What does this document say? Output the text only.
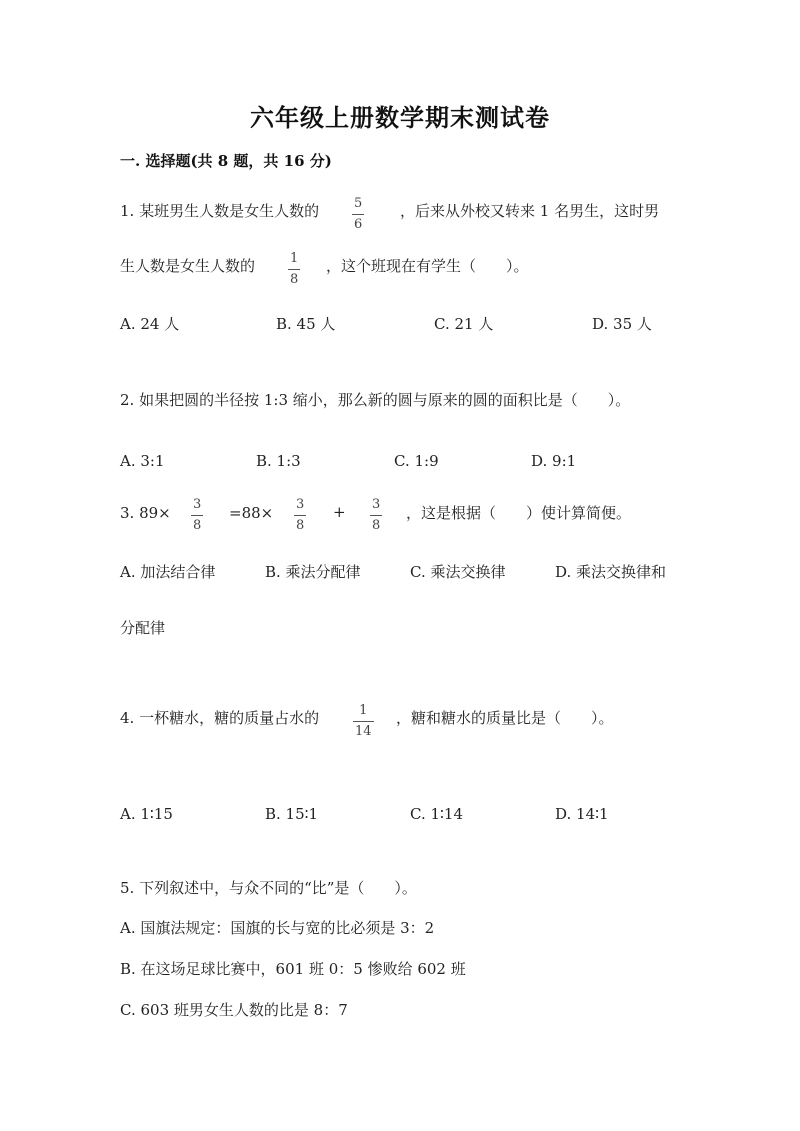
六年级上册数学期末测试卷
一. 选择题(共 8 题，共 16 分)
1. 某班男生人数是女生人数的	5
6
，后来从外校又转来 1 名男生，这时男
生人数是女生人数的	1
8
，这个班现在有学生（　　）。
A. 24 人	B. 45 人	C. 21 人	D. 35 人
2. 如果把圆的半径按 1:3 缩小，那么新的圆与原来的圆的面积比是（　　）。
A. 3:1	B. 1:3	C. 1:9	D. 9:1
3. 89× 3
8
=88× 3
8
+ 3
8
，这是根据（　　）使计算简便。
A. 加法结合律	B. 乘法分配律	C. 乘法交换律	D. 乘法交换律和
分配律
4. 一杯糖水，糖的质量占水的	1
14
，糖和糖水的质量比是（　　）。
A. 1∶15	B. 15∶1	C. 1∶14	D. 14∶1
5. 下列叙述中，与众不同的“比”是（　　）。
A. 国旗法规定：国旗的长与宽的比必须是 3：2
B. 在这场足球比赛中，601 班 0：5 惨败给 602 班
C. 603 班男女生人数的比是 8：7
